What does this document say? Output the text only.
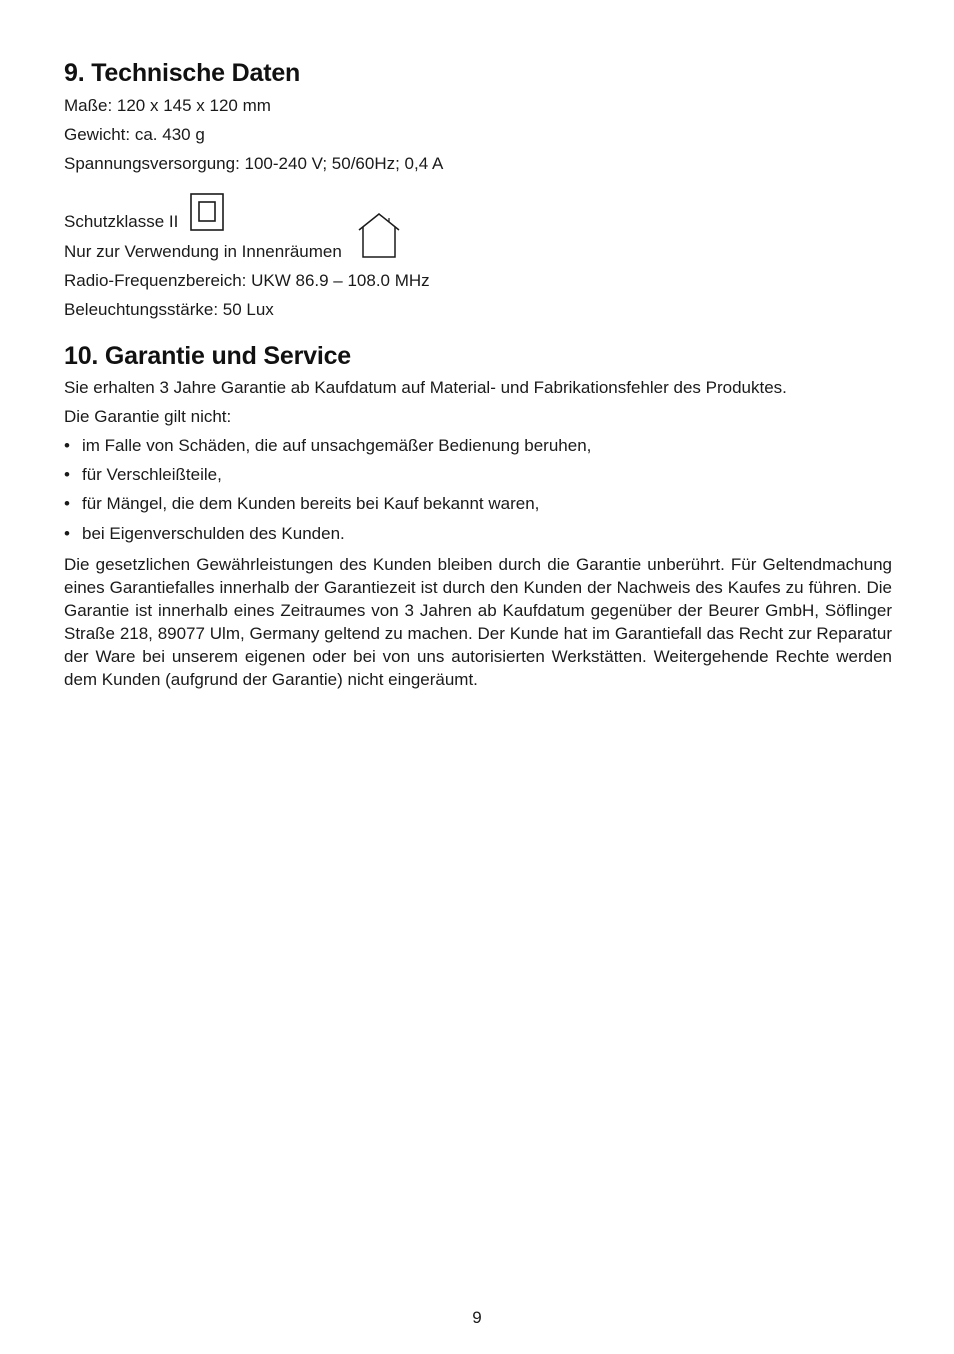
9. Technische Daten
Maße: 120 x 145 x 120 mm
Gewicht: ca. 430 g
Spannungsversorgung: 100-240 V; 50/60Hz; 0,4 A
Schutzklasse II
Nur zur Verwendung in Innenräumen
Radio-Frequenzbereich: UKW 86.9 – 108.0 MHz
Beleuchtungsstärke: 50 Lux
10. Garantie und Service
Sie erhalten 3 Jahre Garantie ab Kaufdatum auf Material- und Fabrikationsfehler des Produktes.
Die Garantie gilt nicht:
• im Falle von Schäden, die auf unsachgemäßer Bedienung beruhen,
• für Verschleißteile,
• für Mängel, die dem Kunden bereits bei Kauf bekannt waren,
• bei Eigenverschulden des Kunden.
Die gesetzlichen Gewährleistungen des Kunden bleiben durch die Garantie unberührt. Für Geltendmachung eines Garantiefalles innerhalb der Garantiezeit ist durch den Kunden der Nachweis des Kaufes zu führen. Die Garantie ist innerhalb eines Zeitraumes von 3 Jahren ab Kaufdatum gegenüber der Beurer GmbH, Söflinger Straße 218, 89077 Ulm, Germany geltend zu machen. Der Kunde hat im Garantiefall das Recht zur Reparatur der Ware bei unserem eigenen oder bei von uns autorisierten Werkstätten. Weitergehende Rechte werden dem Kunden (aufgrund der Garantie) nicht eingeräumt.
9
